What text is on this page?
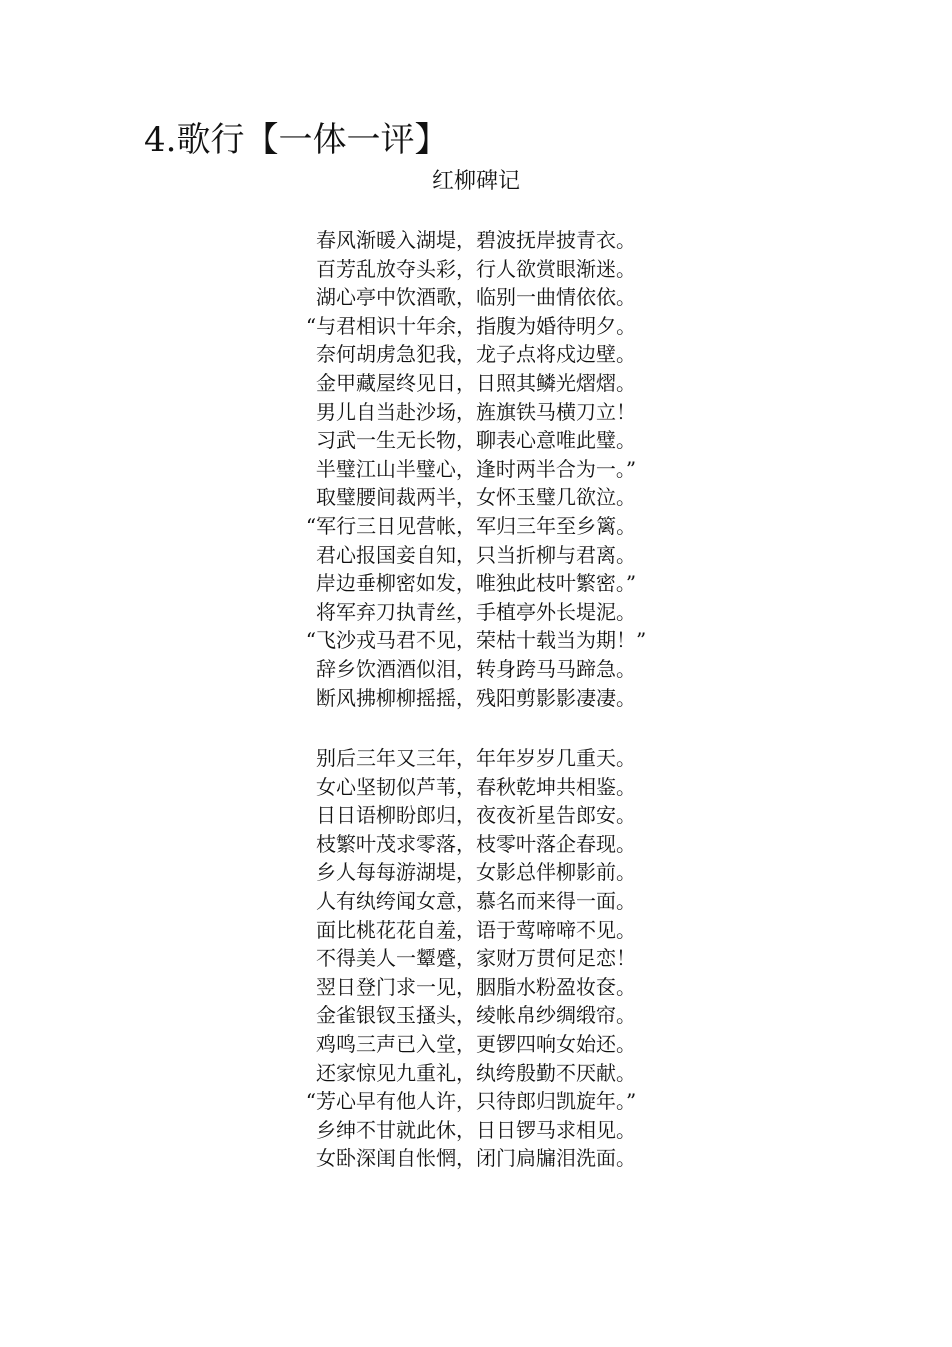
4.歌行【一体一评】
红柳碑记
春风渐暖入湖堤，碧波抚岸披青衣。
百芳乱放夺头彩，行人欲赏眼渐迷。
湖心亭中饮酒歌，临别一曲情依依。
“与君相识十年余，指腹为婚待明夕。
奈何胡虏急犯我，龙子点将戍边壁。
金甲藏屋终见日，日照其鳞光熠熠。
男儿自当赴沙场，旌旗铁马横刀立！
习武一生无长物，聊表心意唯此璧。
半璧江山半璧心，逢时两半合为一。”
取璧腰间裁两半，女怀玉璧几欲泣。
“军行三日见营帐，军归三年至乡篱。
君心报国妾自知，只当折柳与君离。
岸边垂柳密如发，唯独此枝叶繁密。”
将军弃刀执青丝，手植亭外长堤泥。
“飞沙戎马君不见，荣枯十载当为期！”
辞乡饮酒酒似泪，转身跨马马蹄急。
断风拂柳柳摇摇，残阳剪影影凄凄。
别后三年又三年，年年岁岁几重天。
女心坚韧似芦苇，春秋乾坤共相鉴。
日日语柳盼郎归，夜夜祈星告郎安。
枝繁叶茂求零落，枝零叶落企春现。
乡人每每游湖堤，女影总伴柳影前。
人有纨绔闻女意，慕名而来得一面。
面比桃花花自羞，语于莺啼啼不见。
不得美人一颦蹙，家财万贯何足恋！
翌日登门求一见，胭脂水粉盈妆奁。
金雀银钗玉搔头，绫帐帛纱绸缎帘。
鸡鸣三声已入堂，更锣四响女始还。
还家惊见九重礼，纨绔殷勤不厌献。
“芳心早有他人许，只待郎归凯旋年。”
乡绅不甘就此休，日日锣马求相见。
女卧深闺自怅惘，闭门扃牖泪洗面。
